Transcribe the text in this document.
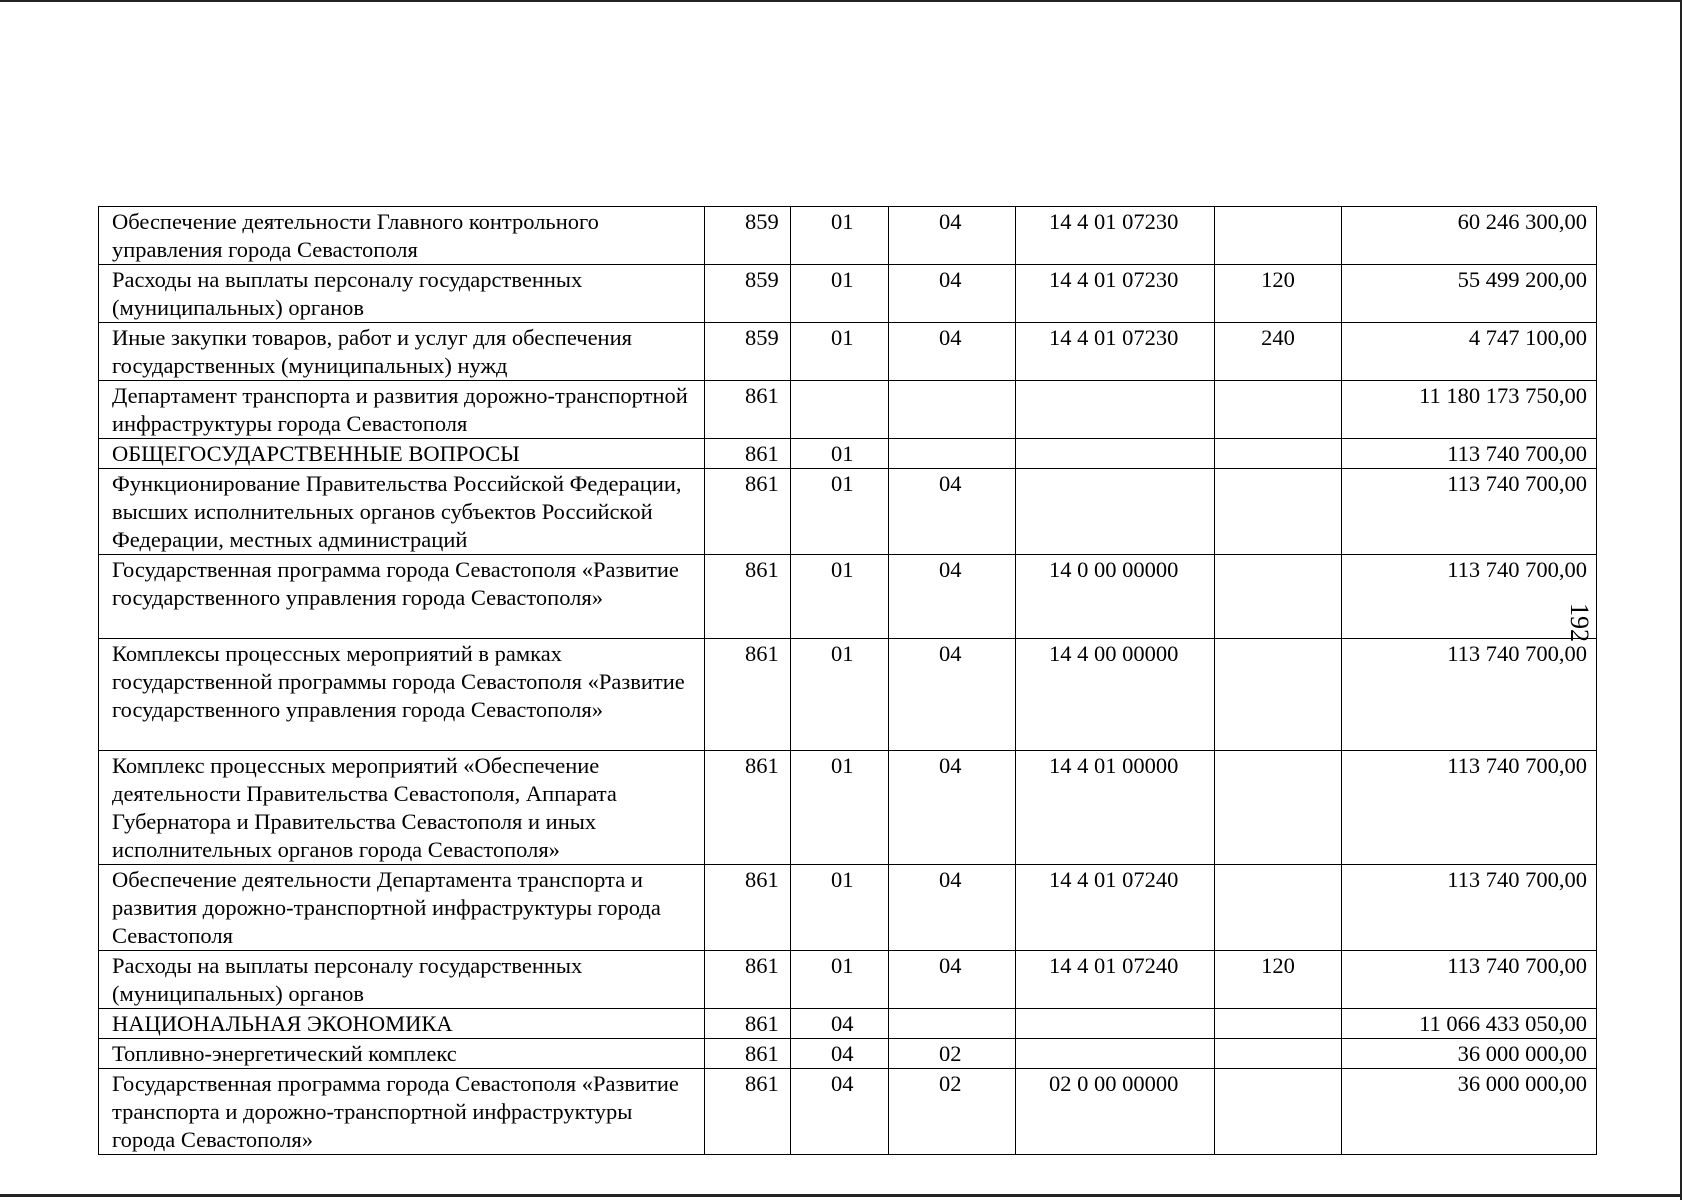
Обеспечение деятельности Главного контрольного управления города Севастополя	859	01	04	14 4 01 07230		60 246 300,00
Расходы на выплаты персоналу государственных (муниципальных) органов	859	01	04	14 4 01 07230	120	55 499 200,00
Иные закупки товаров, работ и услуг для обеспечения государственных (муниципальных) нужд	859	01	04	14 4 01 07230	240	4 747 100,00
Департамент транспорта и развития дорожно-транспортной инфраструктуры города Севастополя	861					11 180 173 750,00
ОБЩЕГОСУДАРСТВЕННЫЕ ВОПРОСЫ	861	01				113 740 700,00
Функционирование Правительства Российской Федерации, высших исполнительных органов субъектов Российской Федерации, местных администраций	861	01	04			113 740 700,00
Государственная программа города Севастополя «Развитие государственного управления города Севастополя»	861	01	04	14 0 00 00000		113 740 700,00
Комплексы процессных мероприятий в рамках государственной программы города Севастополя «Развитие государственного управления города Севастополя»	861	01	04	14 4 00 00000		113 740 700,00
Комплекс процессных мероприятий «Обеспечение деятельности Правительства Севастополя, Аппарата Губернатора и Правительства Севастополя и иных исполнительных органов города Севастополя»	861	01	04	14 4 01 00000		113 740 700,00
Обеспечение деятельности Департамента транспорта и развития дорожно-транспортной инфраструктуры города Севастополя	861	01	04	14 4 01 07240		113 740 700,00
Расходы на выплаты персоналу государственных (муниципальных) органов	861	01	04	14 4 01 07240	120	113 740 700,00
НАЦИОНАЛЬНАЯ ЭКОНОМИКА	861	04				11 066 433 050,00
Топливно-энергетический комплекс	861	04	02			36 000 000,00
Государственная программа города Севастополя «Развитие транспорта и дорожно-транспортной инфраструктуры города Севастополя»	861	04	02	02 0 00 00000		36 000 000,00
192
